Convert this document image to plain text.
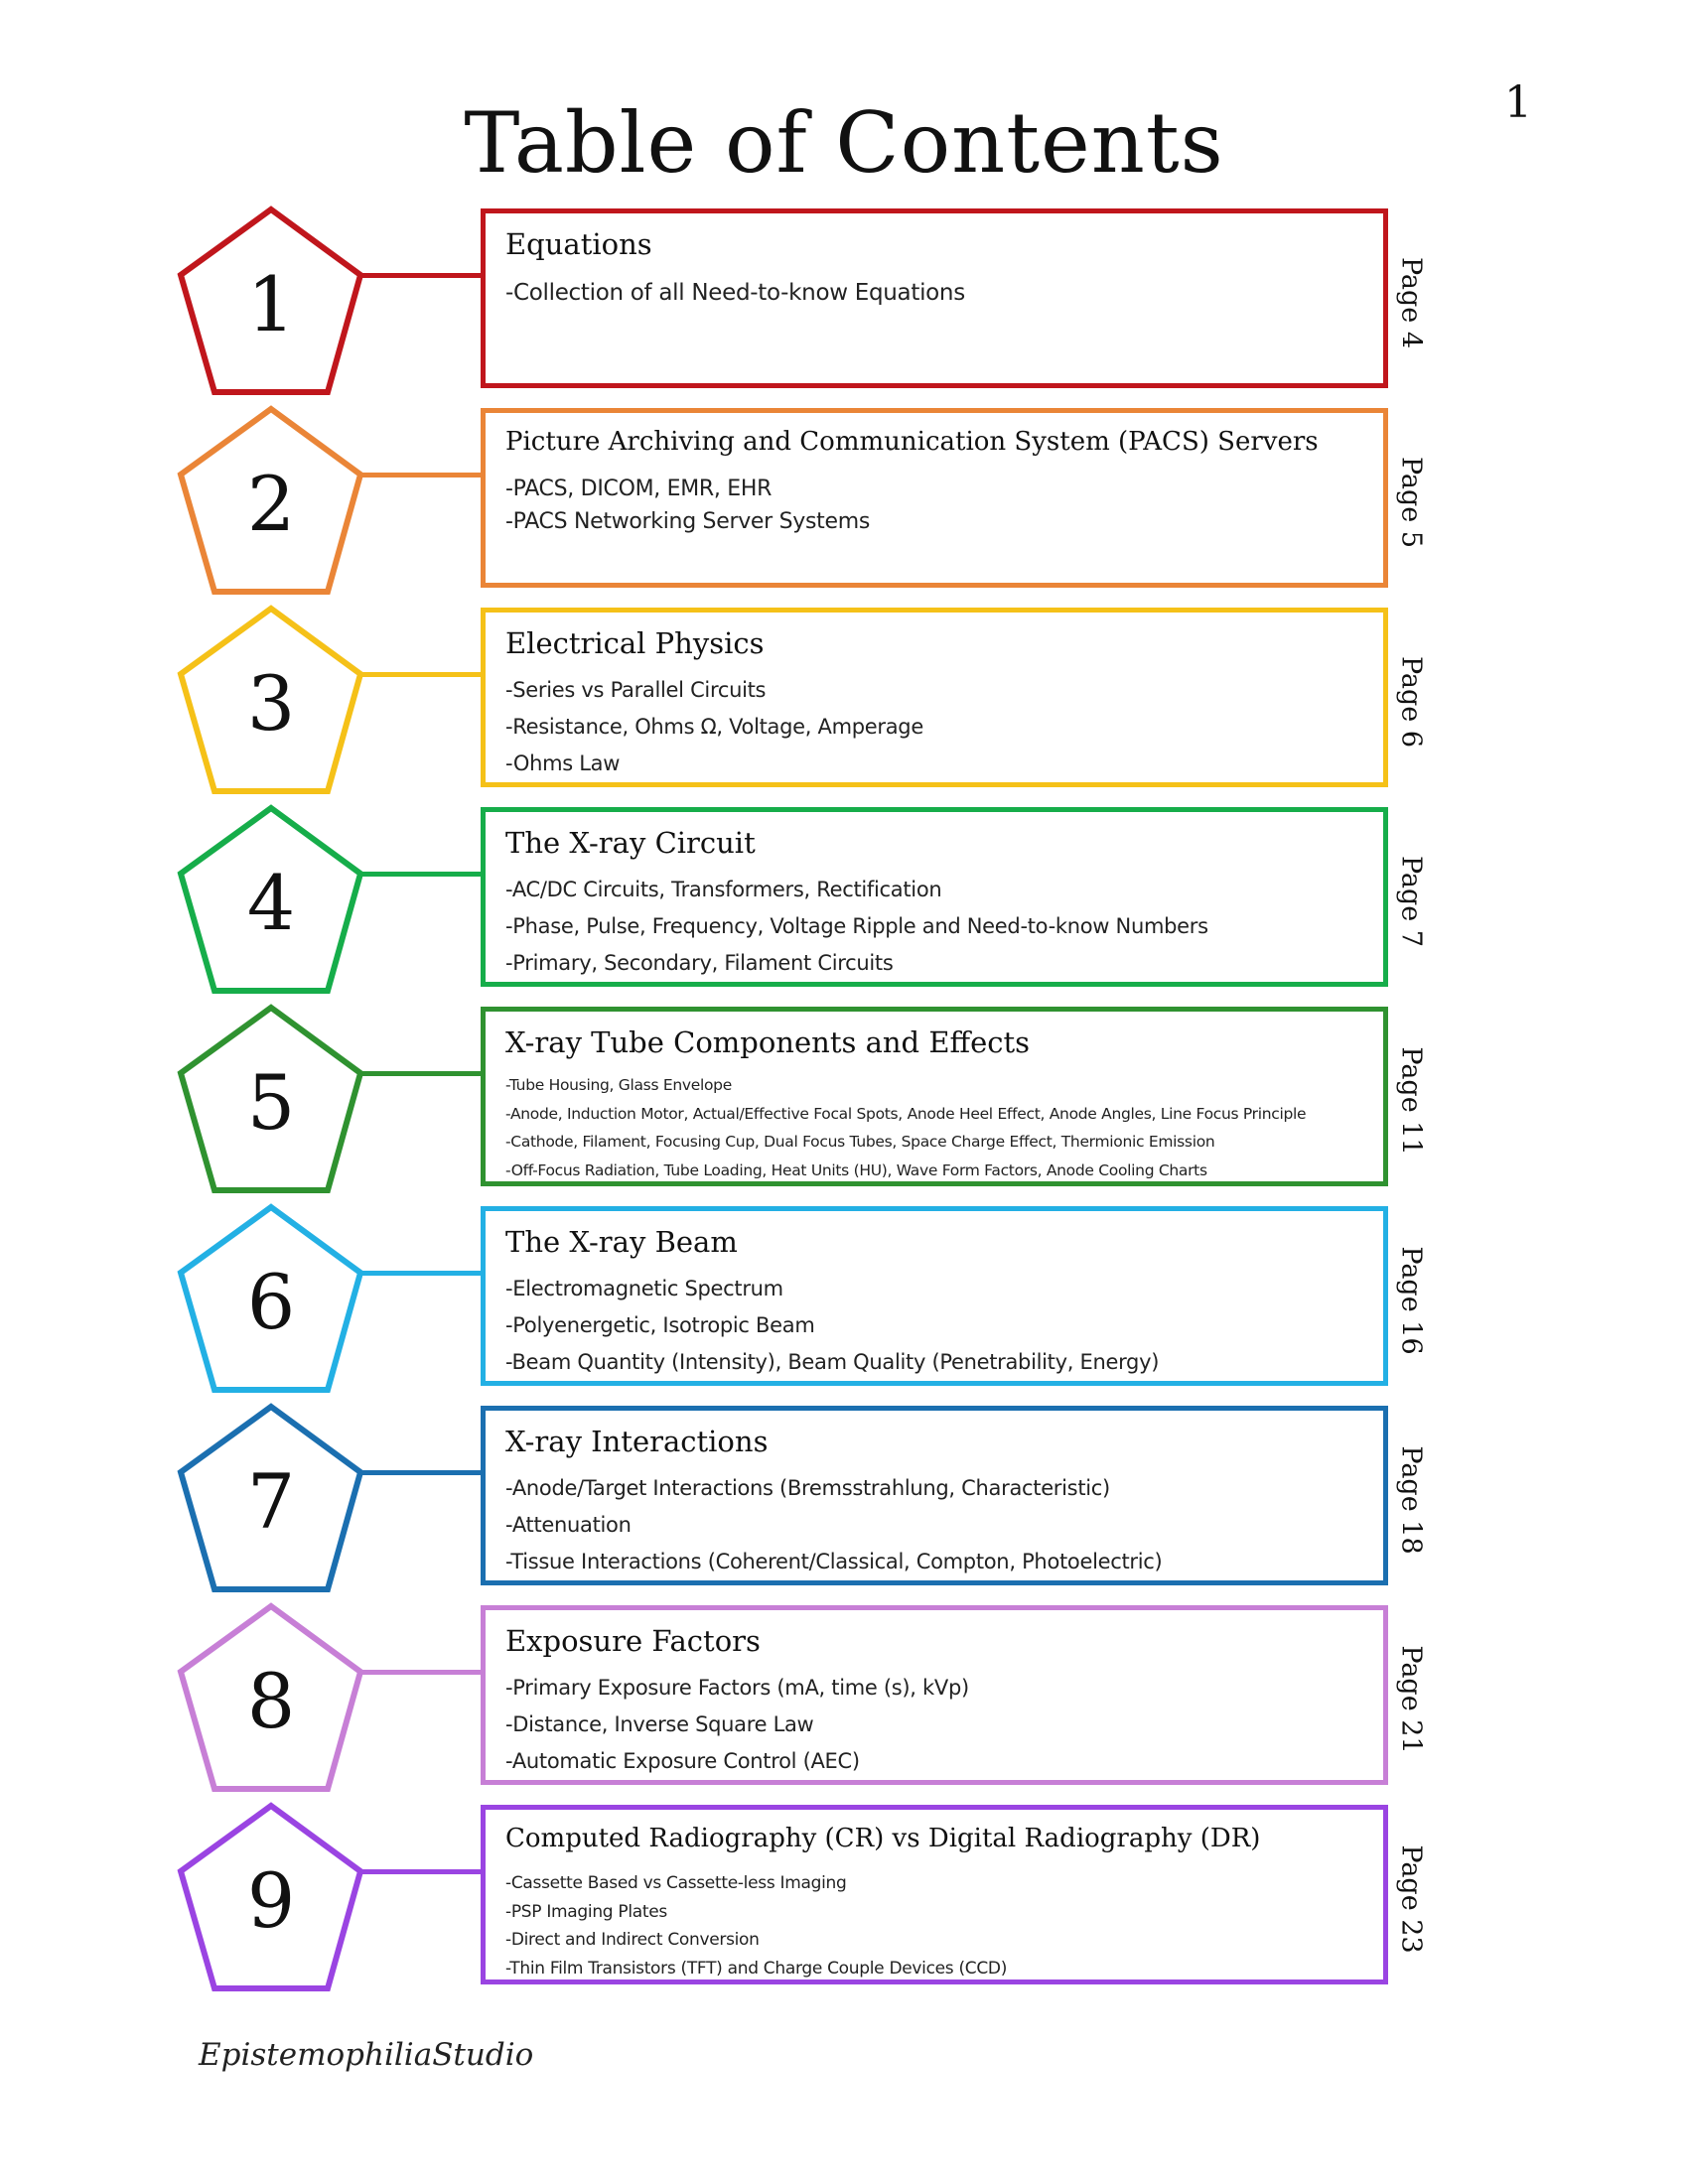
1
Table of Contents
1
Equations
-Collection of all Need-to-know Equations	Page 4
2
Picture Archiving and Communication System (PACS) Servers
-PACS, DICOM, EMR, EHR
-PACS Networking Server Systems	Page 5
3
Electrical Physics
-Series vs Parallel Circuits
-Resistance, Ohms Ω, Voltage, Amperage
-Ohms Law
Page 6
4
The X-ray Circuit
-AC/DC Circuits, Transformers, Rectification
-Phase, Pulse, Frequency, Voltage Ripple and Need-to-know Numbers
-Primary, Secondary, Filament Circuits
Page 7
5
X-ray Tube Components and Effects
-Tube Housing, Glass Envelope
-Anode, Induction Motor, Actual/Effective Focal Spots, Anode Heel Effect, Anode Angles, Line Focus Principle
-Cathode, Filament, Focusing Cup, Dual Focus Tubes, Space Charge Effect, Thermionic Emission
-Off-Focus Radiation, Tube Loading, Heat Units (HU), Wave Form Factors, Anode Cooling Charts
Page 11
6
The X-ray Beam
-Electromagnetic Spectrum
-Polyenergetic, Isotropic Beam
-Beam Quantity (Intensity), Beam Quality (Penetrability, Energy)
Page 16
7
X-ray Interactions
-Anode/Target Interactions (Bremsstrahlung, Characteristic)
-Attenuation
-Tissue Interactions (Coherent/Classical, Compton, Photoelectric)
Page 18
8
Exposure Factors
-Primary Exposure Factors (mA, time (s), kVp)
-Distance, Inverse Square Law
-Automatic Exposure Control (AEC)
Page 21
9
Computed Radiography (CR) vs Digital Radiography (DR)
-Cassette Based vs Cassette-less Imaging
-PSP Imaging Plates
-Direct and Indirect Conversion
-Thin Film Transistors (TFT) and Charge Couple Devices (CCD)
Page 23
EpistemophiliaStudio
